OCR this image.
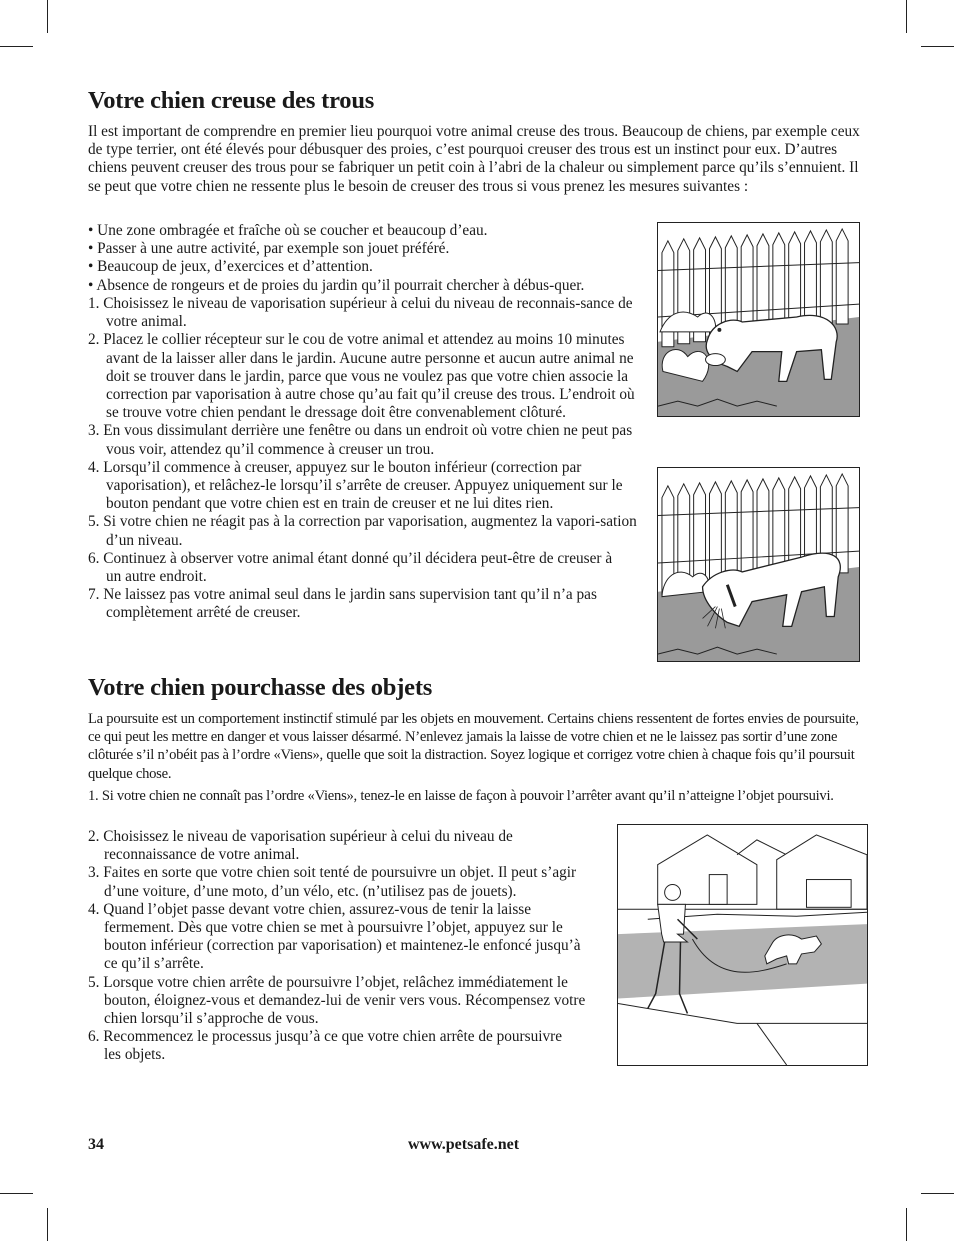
Votre chien creuse des trous

Il est important de comprendre en premier lieu pourquoi votre animal creuse des trous. Beaucoup de chiens, par exemple ceux de type terrier, ont été élevés pour débusquer des proies, c’est pourquoi creuser des trous est un instinct pour eux. D’autres chiens peuvent creuser des trous pour se fabriquer un petit coin à l’abri de la chaleur ou simplement parce qu’ils s’ennuient. Il se peut que votre chien ne ressente plus le besoin de creuser des trous si vous prenez les mesures suivantes :

• Une zone ombragée et fraîche où se coucher et beaucoup d’eau.

• Passer à une autre activité, par exemple son jouet préféré.

• Beaucoup de jeux, d’exercices et d’attention.

• Absence de rongeurs et de proies du jardin qu’il pourrait chercher à débus-quer.

1. Choisissez le niveau de vaporisation supérieur à celui du niveau de reconnais-sance de votre animal.

2. Placez le collier récepteur sur le cou de votre animal et attendez au moins 10 minutes avant de la laisser aller dans le jardin. Aucune autre personne et aucun autre animal ne doit se trouver dans le jardin, parce que vous ne voulez pas que votre chien associe la correction par vaporisation à autre chose qu’au fait qu’il creuse des trous. L’endroit où se trouve votre chien pendant le dressage doit être convenablement clôturé.

3. En vous dissimulant derrière une fenêtre ou dans un endroit où votre chien ne peut pas vous voir, attendez qu’il commence à creuser un trou.

4. Lorsqu’il commence à creuser, appuyez sur le bouton inférieur (correction par vaporisation), et relâchez-le lorsqu’il s’arrête de creuser. Appuyez uniquement sur le bouton pendant que votre chien est en train de creuser et ne lui dites rien.

5. Si votre chien ne réagit pas à la correction par vaporisation, augmentez la vapori-sation d’un niveau.

6. Continuez à observer votre animal étant donné qu’il décidera peut-être de creuser à un autre endroit.

7. Ne laissez pas votre animal seul dans le jardin sans supervision tant qu’il n’a pas complètement arrêté de creuser.

Votre chien pourchasse des objets

La poursuite est un comportement instinctif stimulé par les objets en mouvement. Certains chiens ressentent de fortes envies de poursuite, ce qui peut les mettre en danger et vous laisser désarmé. N’enlevez jamais la laisse de votre chien et ne le laissez pas sortir d’une zone clôturée s’il n’obéit pas à l’ordre «Viens», quelle que soit la distraction. Soyez logique et corrigez votre chien à chaque fois qu’il poursuit quelque chose.

1. Si votre chien ne connaît pas l’ordre «Viens», tenez-le en laisse de façon à pouvoir l’arrêter avant qu’il n’atteigne l’objet poursuivi.

2. Choisissez le niveau de vaporisation supérieur à celui du niveau de reconnaissance de votre animal.

3. Faites en sorte que votre chien soit tenté de poursuivre un objet. Il peut s’agir d’une voiture, d’une moto, d’un vélo, etc. (n’utilisez pas de jouets).

4. Quand l’objet passe devant votre chien, assurez-vous de tenir la laisse fermement. Dès que votre chien se met à poursuivre l’objet, appuyez sur le bouton inférieur (correction par vaporisation) et maintenez-le enfoncé jusqu’à ce qu’il s’arrête.

5. Lorsque votre chien arrête de poursuivre l’objet, relâchez immédiatement le bouton, éloignez-vous et demandez-lui de venir vers vous. Récompensez votre chien lorsqu’il s’approche de vous.

6. Recommencez le processus jusqu’à ce que votre chien arrête de poursuivre les objets.

34	www.petsafe.net
